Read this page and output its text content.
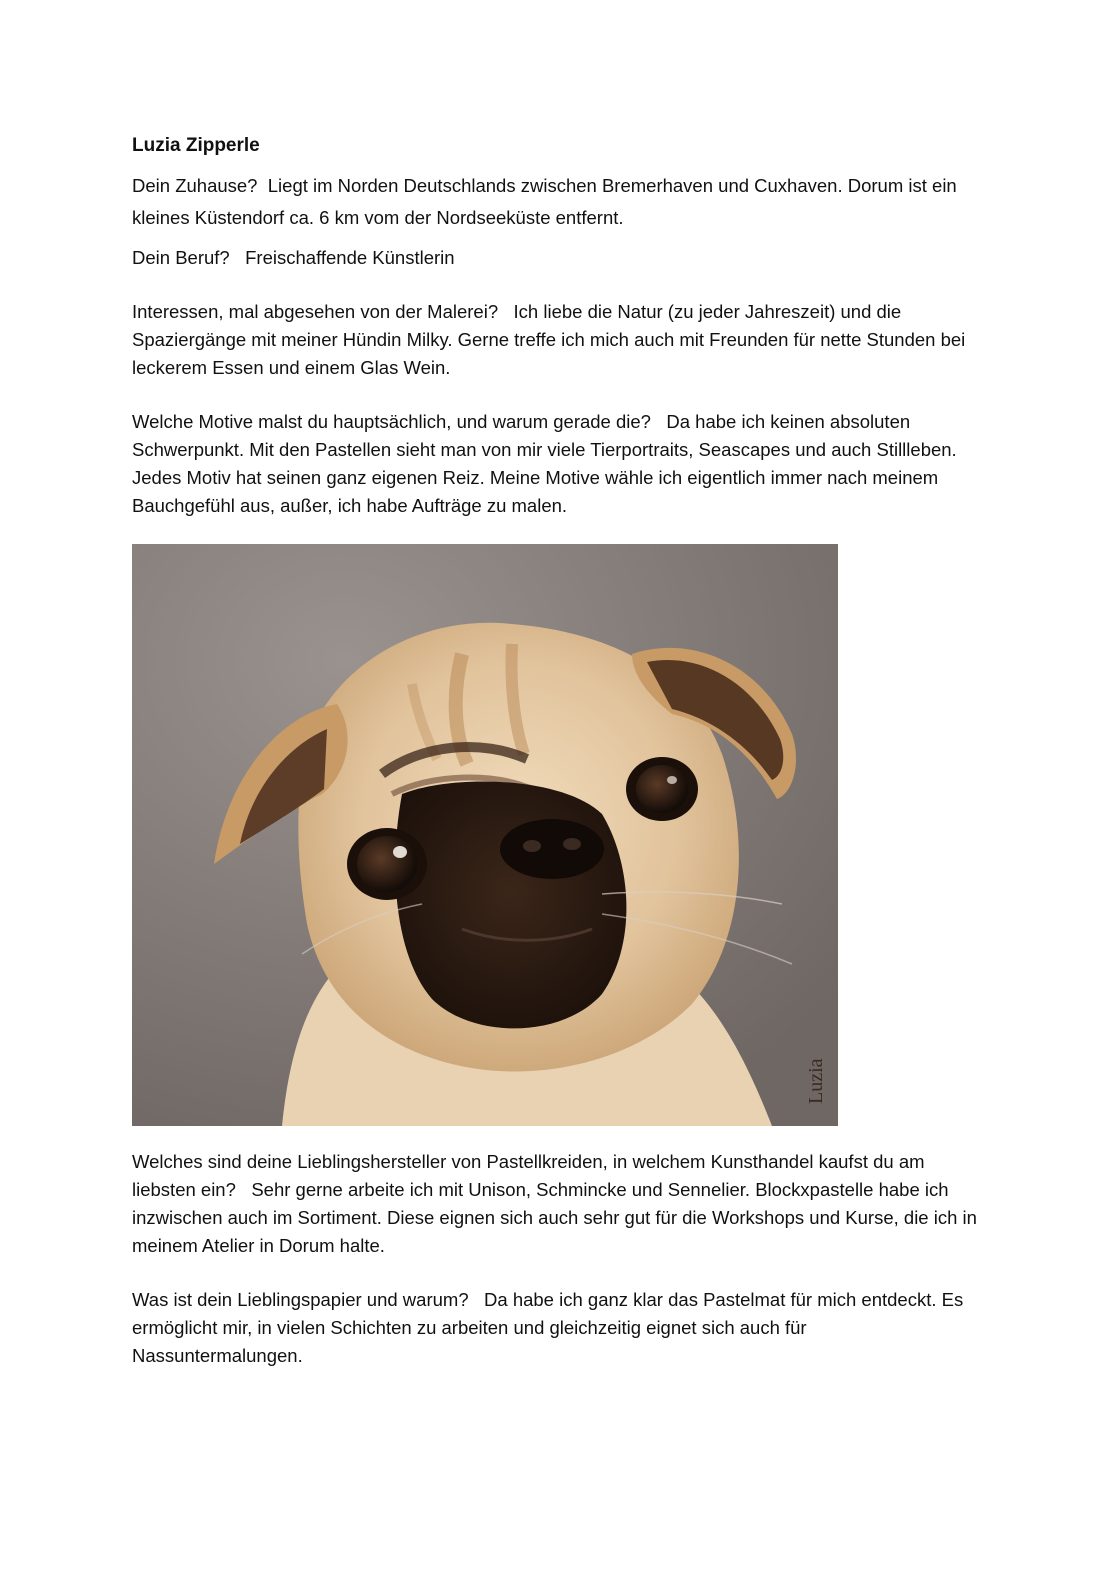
Luzia Zipperle

Dein Zuhause? Liegt im Norden Deutschlands zwischen Bremerhaven und Cuxhaven. Dorum ist ein kleines Küstendorf ca. 6 km vom der Nordseeküste entfernt.

Dein Beruf? Freischaffende Künstlerin

Interessen, mal abgesehen von der Malerei? Ich liebe die Natur (zu jeder Jahreszeit) und die Spaziergänge mit meiner Hündin Milky. Gerne treffe ich mich auch mit Freunden für nette Stunden bei leckerem Essen und einem Glas Wein.

Welche Motive malst du hauptsächlich, und warum gerade die? Da habe ich keinen absoluten Schwerpunkt. Mit den Pastellen sieht man von mir viele Tierportraits, Seascapes und auch Stillleben. Jedes Motiv hat seinen ganz eigenen Reiz. Meine Motive wähle ich eigentlich immer nach meinem Bauchgefühl aus, außer, ich habe Aufträge zu malen.

Luzia

Welches sind deine Lieblingshersteller von Pastellkreiden, in welchem Kunsthandel kaufst du am liebsten ein? Sehr gerne arbeite ich mit Unison, Schmincke und Sennelier. Blockxpastelle habe ich inzwischen auch im Sortiment. Diese eignen sich auch sehr gut für die Workshops und Kurse, die ich in meinem Atelier in Dorum halte.

Was ist dein Lieblingspapier und warum? Da habe ich ganz klar das Pastelmat für mich entdeckt. Es ermöglicht mir, in vielen Schichten zu arbeiten und gleichzeitig eignet sich auch für Nassuntermalungen.
